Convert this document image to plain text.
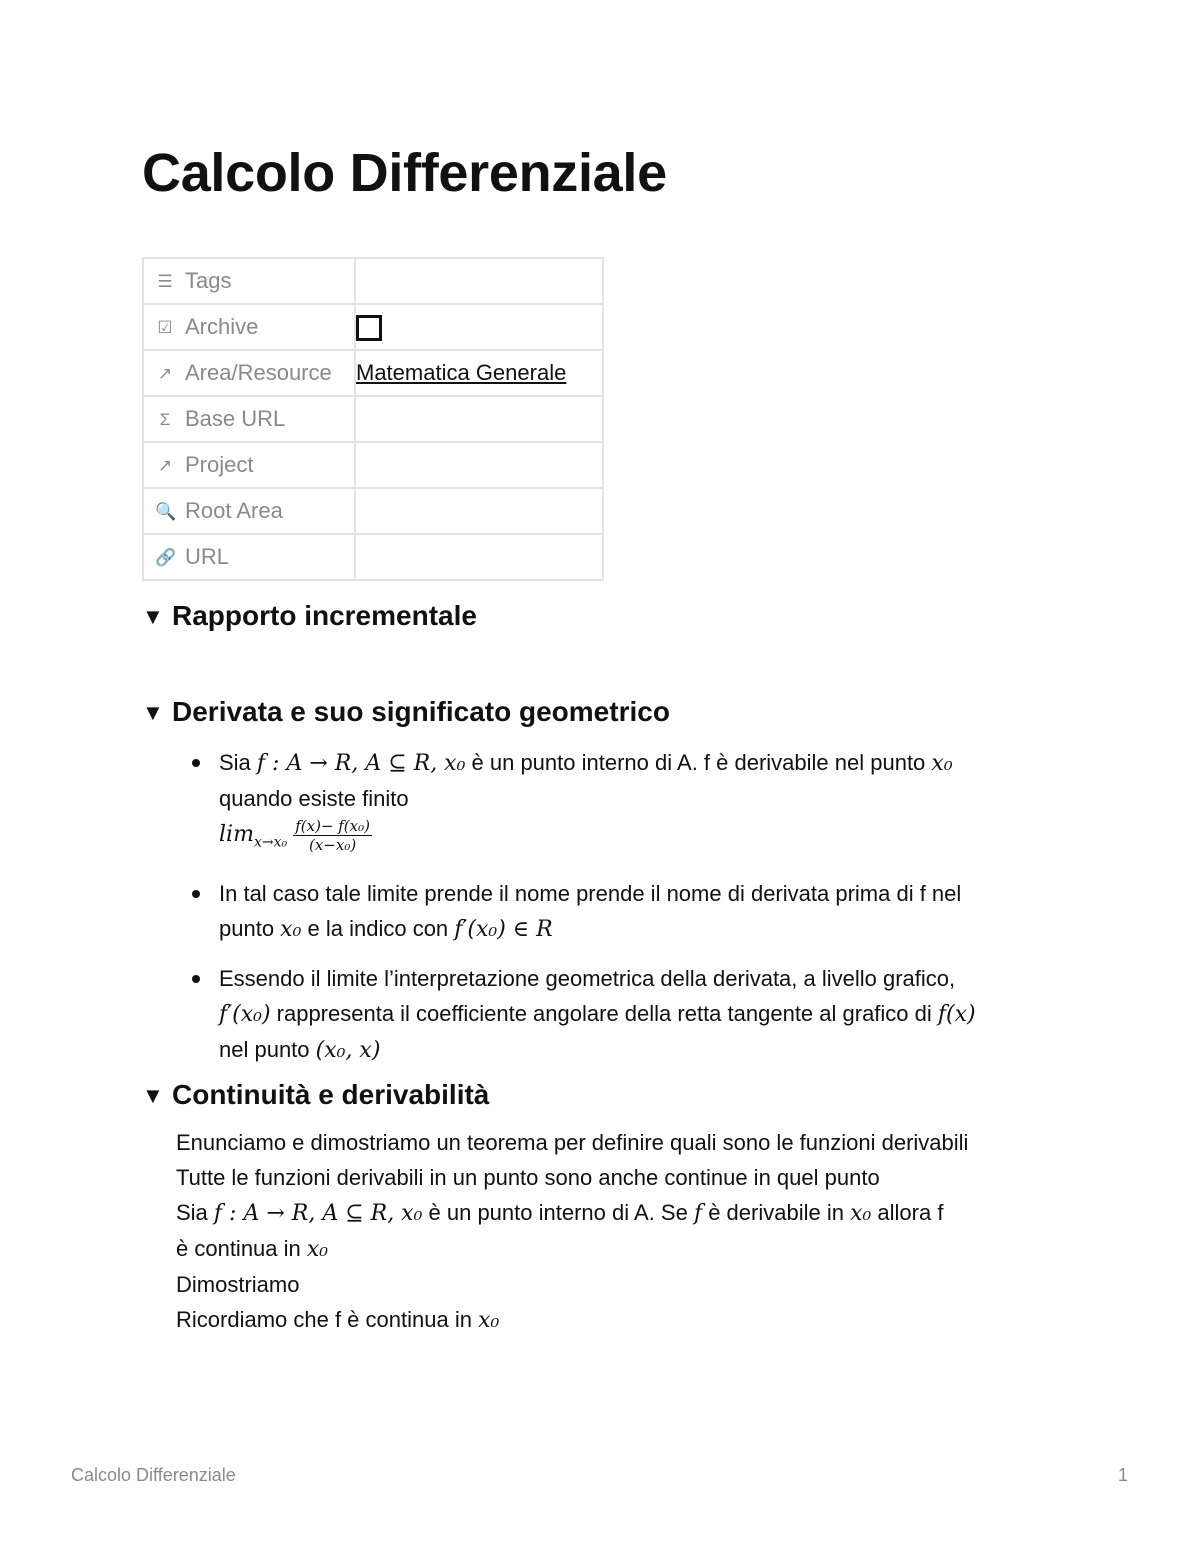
Calcolo Differenziale
☰ Tags	
☑ Archive	
↗ Area/Resource	Matematica Generale
Σ Base URL	
↗ Project	
🔍 Root Area	
🔗 URL	
▼ Rapporto incrementale
▼ Derivata e suo significato geometrico
Sia f : A → R, A ⊆ R, x₀ è un punto interno di A. f è derivabile nel punto x₀
quando esiste finito
$\lim_{x\to x_0} \frac{\text{f(x)− f(x₀)}}{\text{(x−x₀)}}$
In tal caso tale limite prende il nome prende il nome di derivata prima di f nel
punto x₀ e la indico con f′(x₀) ∈ R
Essendo il limite l’interpretazione geometrica della derivata, a livello grafico,
f′(x₀) rappresenta il coefficiente angolare della retta tangente al grafico di f(x)
nel punto (x₀, x)
▼ Continuità e derivabilità
Enunciamo e dimostriamo un teorema per definire quali sono le funzioni derivabili
Tutte le funzioni derivabili in un punto sono anche continue in quel punto
Sia f : A → R, A ⊆ R, x₀ è un punto interno di A. Se f è derivabile in x₀ allora f
è continua in x₀
Dimostriamo
Ricordiamo che f è continua in x₀
Calcolo Differenziale	1
